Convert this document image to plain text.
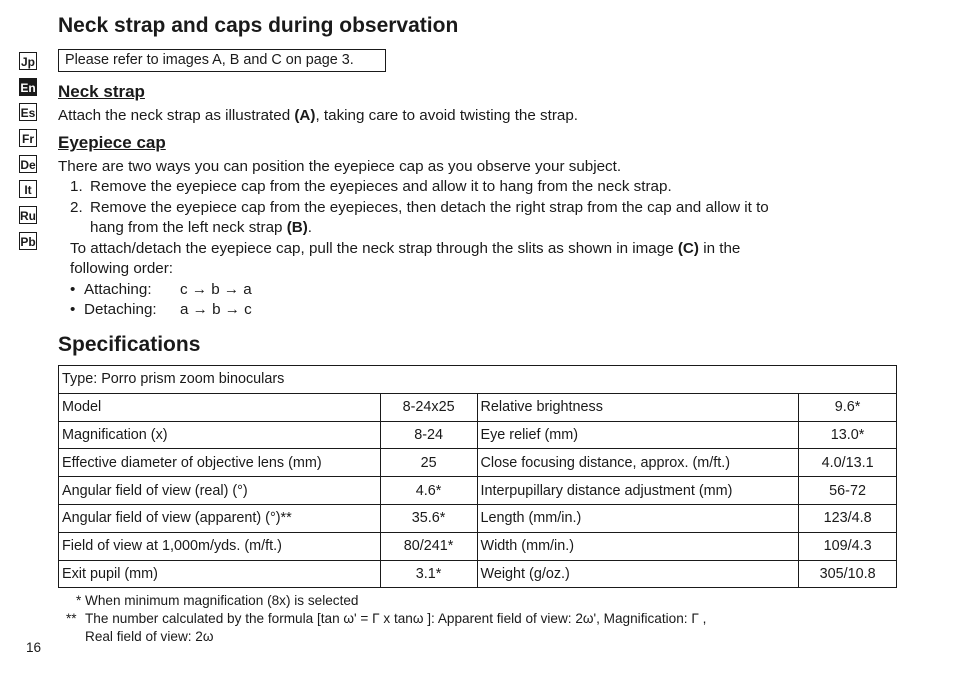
Neck strap and caps during observation
Please refer to images A, B and C on page 3.
Jp
En
Es
Fr
De
It
Ru
Pb
Neck strap
Attach the neck strap as illustrated (A), taking care to avoid twisting the strap.
Eyepiece cap
There are two ways you can position the eyepiece cap as you observe your subject.
1. Remove the eyepiece cap from the eyepieces and allow it to hang from the neck strap.
2. Remove the eyepiece cap from the eyepieces, then detach the right strap from the cap and allow it to
hang from the left neck strap (B).
To attach/detach the eyepiece cap, pull the neck strap through the slits as shown in image (C) in the
following order:
• Attaching: c → b → a
• Detaching: a → b → c
Specifications
Type: Porro prism zoom binoculars			
Model	8-24x25	Relative brightness	9.6*
Magnification (x)	8-24	Eye relief (mm)	13.0*
Effective diameter of objective lens (mm)	25	Close focusing distance, approx. (m/ft.)	4.0/13.1
Angular field of view (real) (°)	4.6*	Interpupillary distance adjustment (mm)	56-72
Angular field of view (apparent) (°)**	35.6*	Length (mm/in.)	123/4.8
Field of view at 1,000m/yds. (m/ft.)	80/241*	Width (mm/in.)	109/4.3
Exit pupil (mm)	3.1*	Weight (g/oz.)	305/10.8
* When minimum magnification (8x) is selected
** The number calculated by the formula [tan ω' = Γ x tanω ]: Apparent field of view: 2ω', Magnification: Γ ,
Real field of view: 2ω
16
